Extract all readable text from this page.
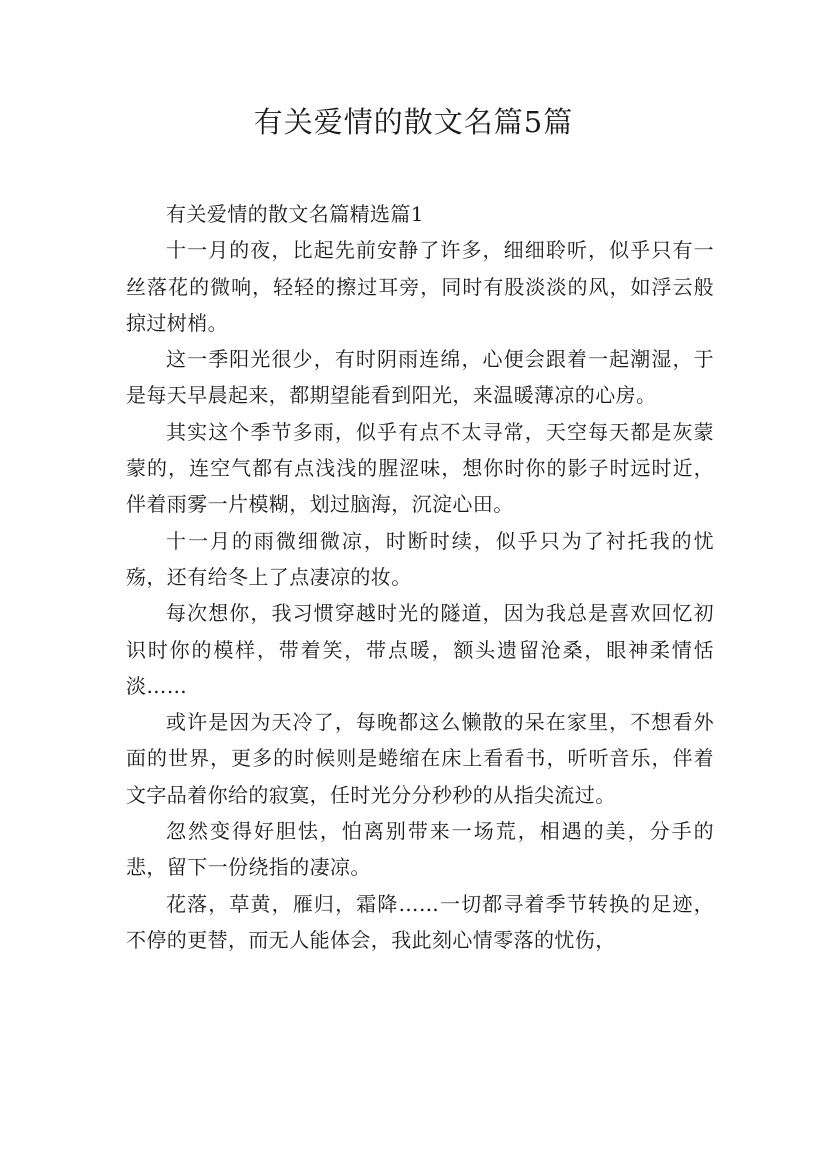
有关爱情的散文名篇5篇

有关爱情的散文名篇精选篇1

十一月的夜，比起先前安静了许多，细细聆听，似乎只有一丝落花的微响，轻轻的擦过耳旁，同时有股淡淡的风，如浮云般掠过树梢。

这一季阳光很少，有时阴雨连绵，心便会跟着一起潮湿，于是每天早晨起来，都期望能看到阳光，来温暖薄凉的心房。

其实这个季节多雨，似乎有点不太寻常，天空每天都是灰蒙蒙的，连空气都有点浅浅的腥涩味，想你时你的影子时远时近，伴着雨雾一片模糊，划过脑海，沉淀心田。

十一月的雨微细微凉，时断时续，似乎只为了衬托我的忧殇，还有给冬上了点凄凉的妆。

每次想你，我习惯穿越时光的隧道，因为我总是喜欢回忆初识时你的模样，带着笑，带点暖，额头遗留沧桑，眼神柔情恬淡……

或许是因为天冷了，每晚都这么懒散的呆在家里，不想看外面的世界，更多的时候则是蜷缩在床上看看书，听听音乐，伴着文字品着你给的寂寞，任时光分分秒秒的从指尖流过。

忽然变得好胆怯，怕离别带来一场荒，相遇的美，分手的悲，留下一份绕指的凄凉。

花落，草黄，雁归，霜降……一切都寻着季节转换的足迹，不停的更替，而无人能体会，我此刻心情零落的忧伤，
